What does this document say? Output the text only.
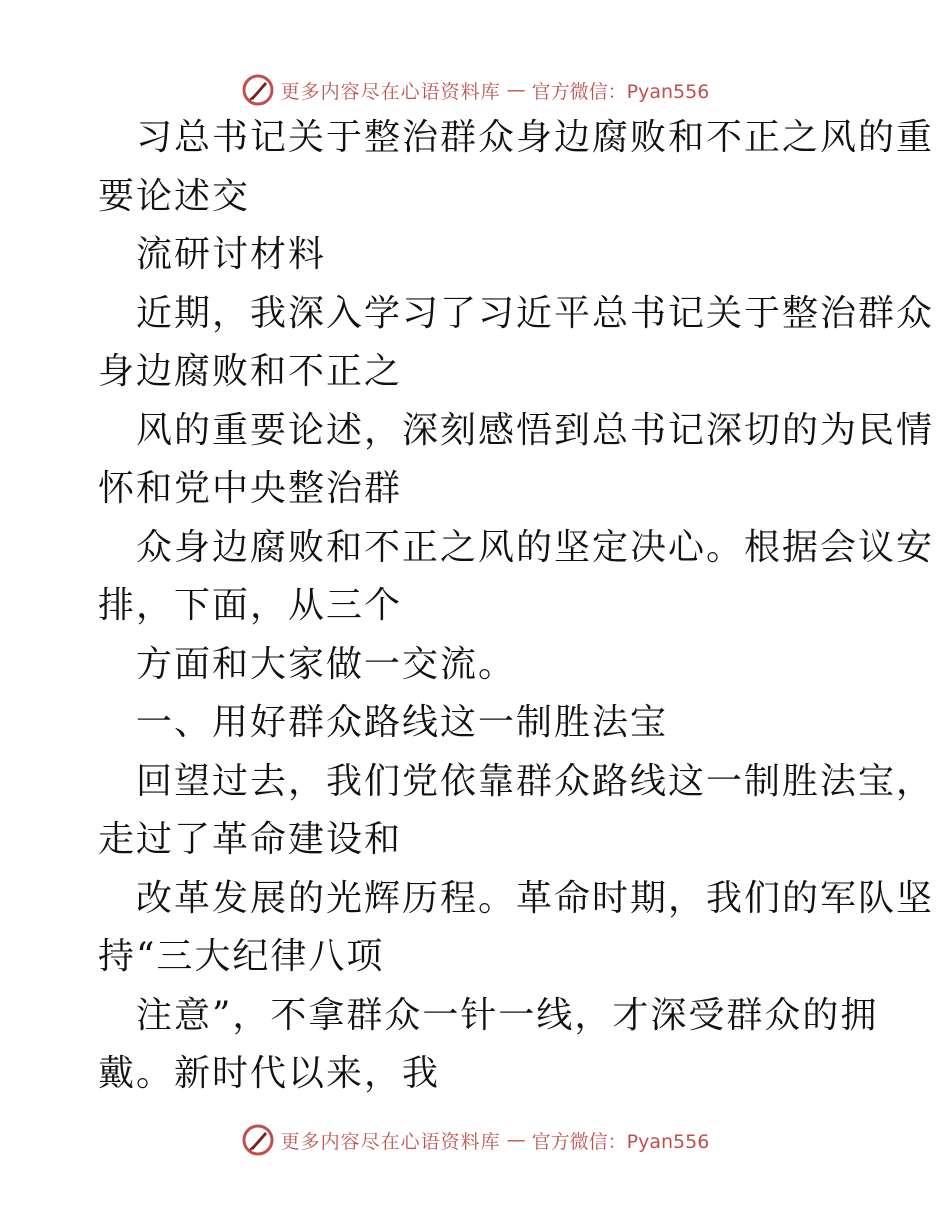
更多内容尽在心语资料库 — 官方微信：Pyan556
习总书记关于整治群众身边腐败和不正之风的重
要论述交
流研讨材料
近期，我深入学习了习近平总书记关于整治群众
身边腐败和不正之
风的重要论述，深刻感悟到总书记深切的为民情
怀和党中央整治群
众身边腐败和不正之风的坚定决心。根据会议安
排，下面，从三个
方面和大家做一交流。
一、用好群众路线这一制胜法宝
回望过去，我们党依靠群众路线这一制胜法宝，
走过了革命建设和
改革发展的光辉历程。革命时期，我们的军队坚
持“三大纪律八项
注意”，不拿群众一针一线，才深受群众的拥
戴。新时代以来，我
更多内容尽在心语资料库 — 官方微信：Pyan556
